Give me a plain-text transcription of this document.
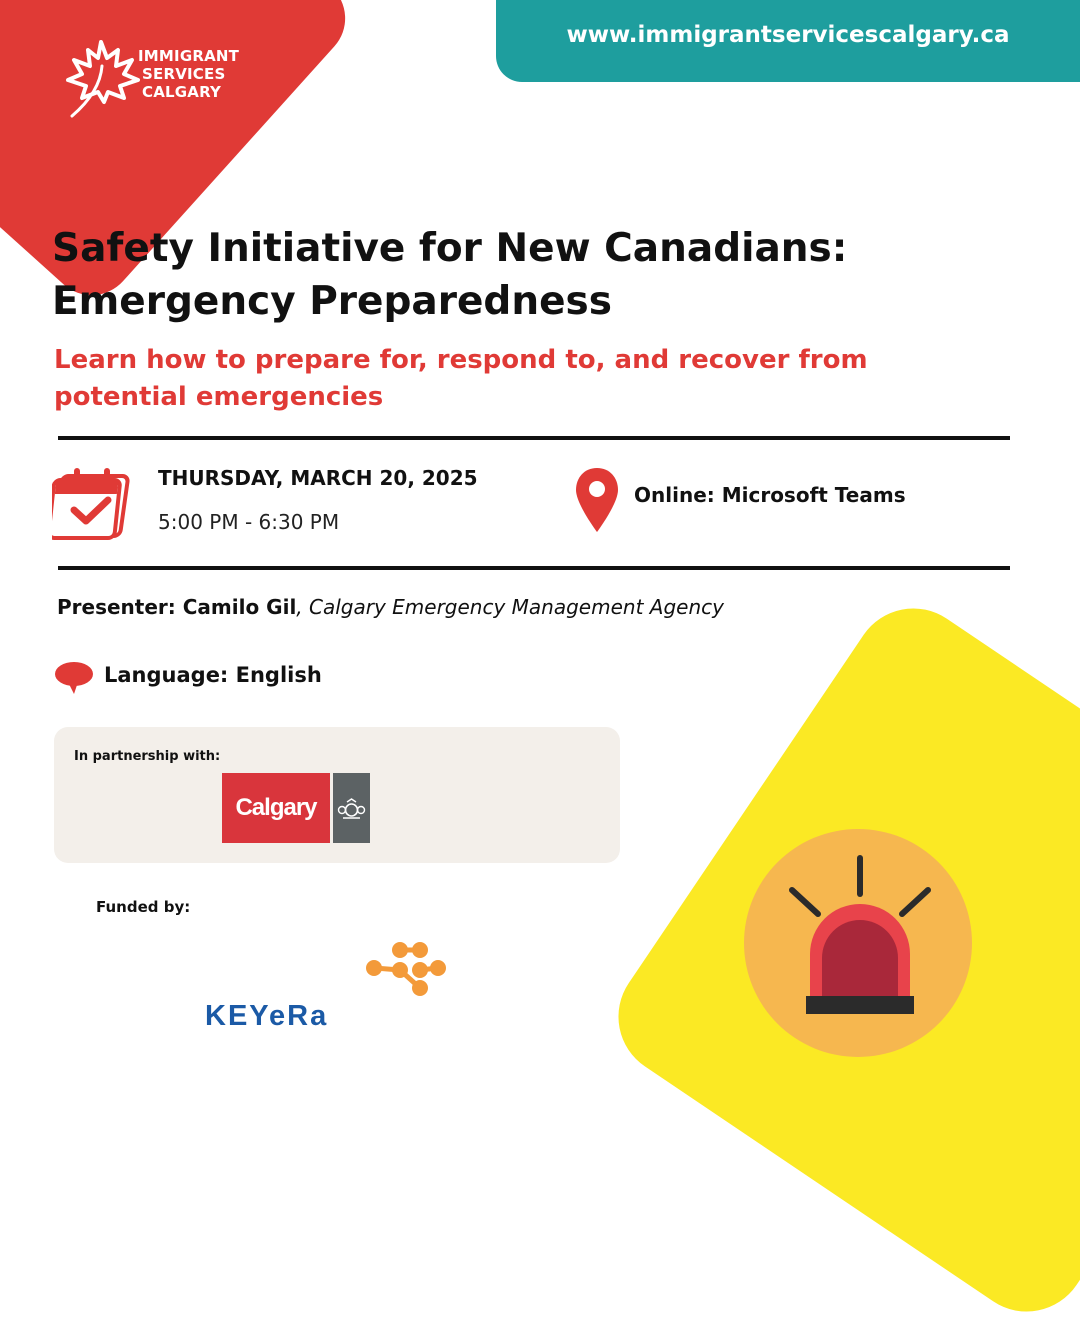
IMMIGRANT
SERVICES
CALGARY
www.immigrantservicescalgary.ca
Safety Initiative for New Canadians:
Emergency Preparedness
Learn how to prepare for, respond to, and recover from
potential emergencies
THURSDAY, MARCH 20, 2025
5:00 PM - 6:30 PM
Online: Microsoft Teams
Presenter: Camilo Gil, Calgary Emergency Management Agency
Language: English
In partnership with:
Calgary
Funded by:
KEYeRa
